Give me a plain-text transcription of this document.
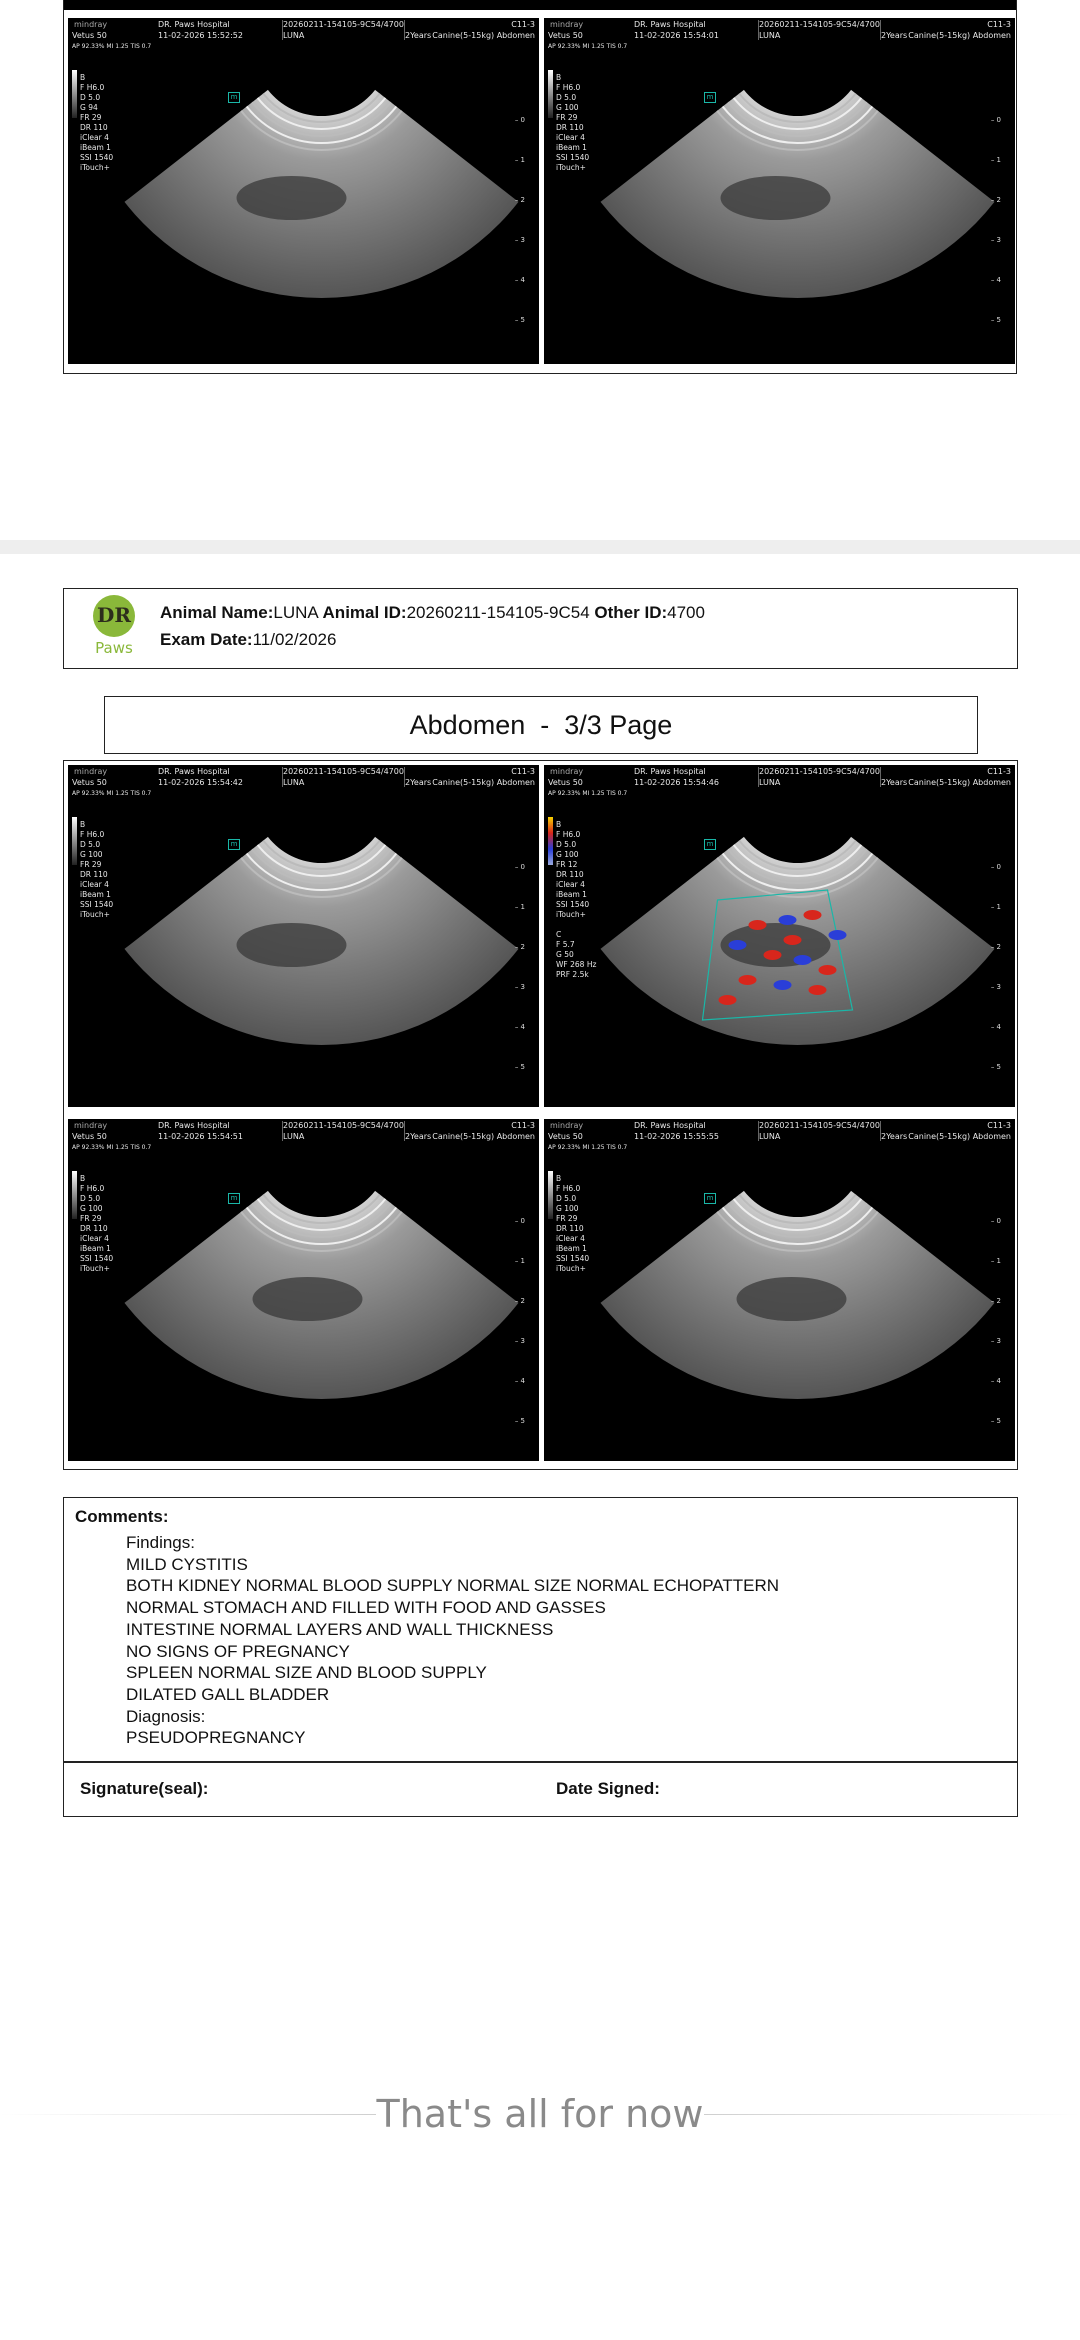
mindray
Vetus 50
AP 92.33% MI 1.25 TIS 0.7
DR. Paws Hospital
11-02-2026 15:52:52
20260211-154105-9C54/4700
LUNA	2Years
C11-3
Canine(5-15kg) Abdomen
B
F H6.0
D 5.0
G 94
FR 29
DR 110
iClear 4
iBeam 1
SSI 1540
iTouch+
m
– 0
– 1
– 2
– 3
– 4
– 5
mindray
Vetus 50
AP 92.33% MI 1.25 TIS 0.7
DR. Paws Hospital
11-02-2026 15:54:01
20260211-154105-9C54/4700
LUNA	2Years
C11-3
Canine(5-15kg) Abdomen
B
F H6.0
D 5.0
G 100
FR 29
DR 110
iClear 4
iBeam 1
SSI 1540
iTouch+
m
– 0
– 1
– 2
– 3
– 4
– 5
DR
Paws
Animal Name:LUNA Animal ID:20260211-154105-9C54 Other ID:4700
Exam Date:11/02/2026
Abdomen  -  3/3 Page
mindray
Vetus 50
AP 92.33% MI 1.25 TIS 0.7
DR. Paws Hospital
11-02-2026 15:54:42
20260211-154105-9C54/4700
LUNA	2Years
C11-3
Canine(5-15kg) Abdomen
B
F H6.0
D 5.0
G 100
FR 29
DR 110
iClear 4
iBeam 1
SSI 1540
iTouch+
m
– 0
– 1
– 2
– 3
– 4
– 5
mindray
Vetus 50
AP 92.33% MI 1.25 TIS 0.7
DR. Paws Hospital
11-02-2026 15:54:46
20260211-154105-9C54/4700
LUNA	2Years
C11-3
Canine(5-15kg) Abdomen
B
F H6.0
D 5.0
G 100
FR 12
DR 110
iClear 4
iBeam 1
SSI 1540
iTouch+

C
F 5.7
G 50
WF 268 Hz
PRF 2.5k
m
– 0
– 1
– 2
– 3
– 4
– 5
mindray
Vetus 50
AP 92.33% MI 1.25 TIS 0.7
DR. Paws Hospital
11-02-2026 15:54:51
20260211-154105-9C54/4700
LUNA	2Years
C11-3
Canine(5-15kg) Abdomen
B
F H6.0
D 5.0
G 100
FR 29
DR 110
iClear 4
iBeam 1
SSI 1540
iTouch+
m
– 0
– 1
– 2
– 3
– 4
– 5
mindray
Vetus 50
AP 92.33% MI 1.25 TIS 0.7
DR. Paws Hospital
11-02-2026 15:55:55
20260211-154105-9C54/4700
LUNA	2Years
C11-3
Canine(5-15kg) Abdomen
B
F H6.0
D 5.0
G 100
FR 29
DR 110
iClear 4
iBeam 1
SSI 1540
iTouch+
m
– 0
– 1
– 2
– 3
– 4
– 5
Comments:
Findings:
MILD CYSTITIS
BOTH KIDNEY NORMAL BLOOD SUPPLY NORMAL SIZE NORMAL ECHOPATTERN
NORMAL STOMACH AND FILLED WITH FOOD AND GASSES
INTESTINE NORMAL LAYERS AND WALL THICKNESS
NO SIGNS OF PREGNANCY
SPLEEN NORMAL SIZE AND BLOOD SUPPLY
DILATED GALL BLADDER
Diagnosis:
PSEUDOPREGNANCY
Signature(seal):	Date Signed:
That's all for now
